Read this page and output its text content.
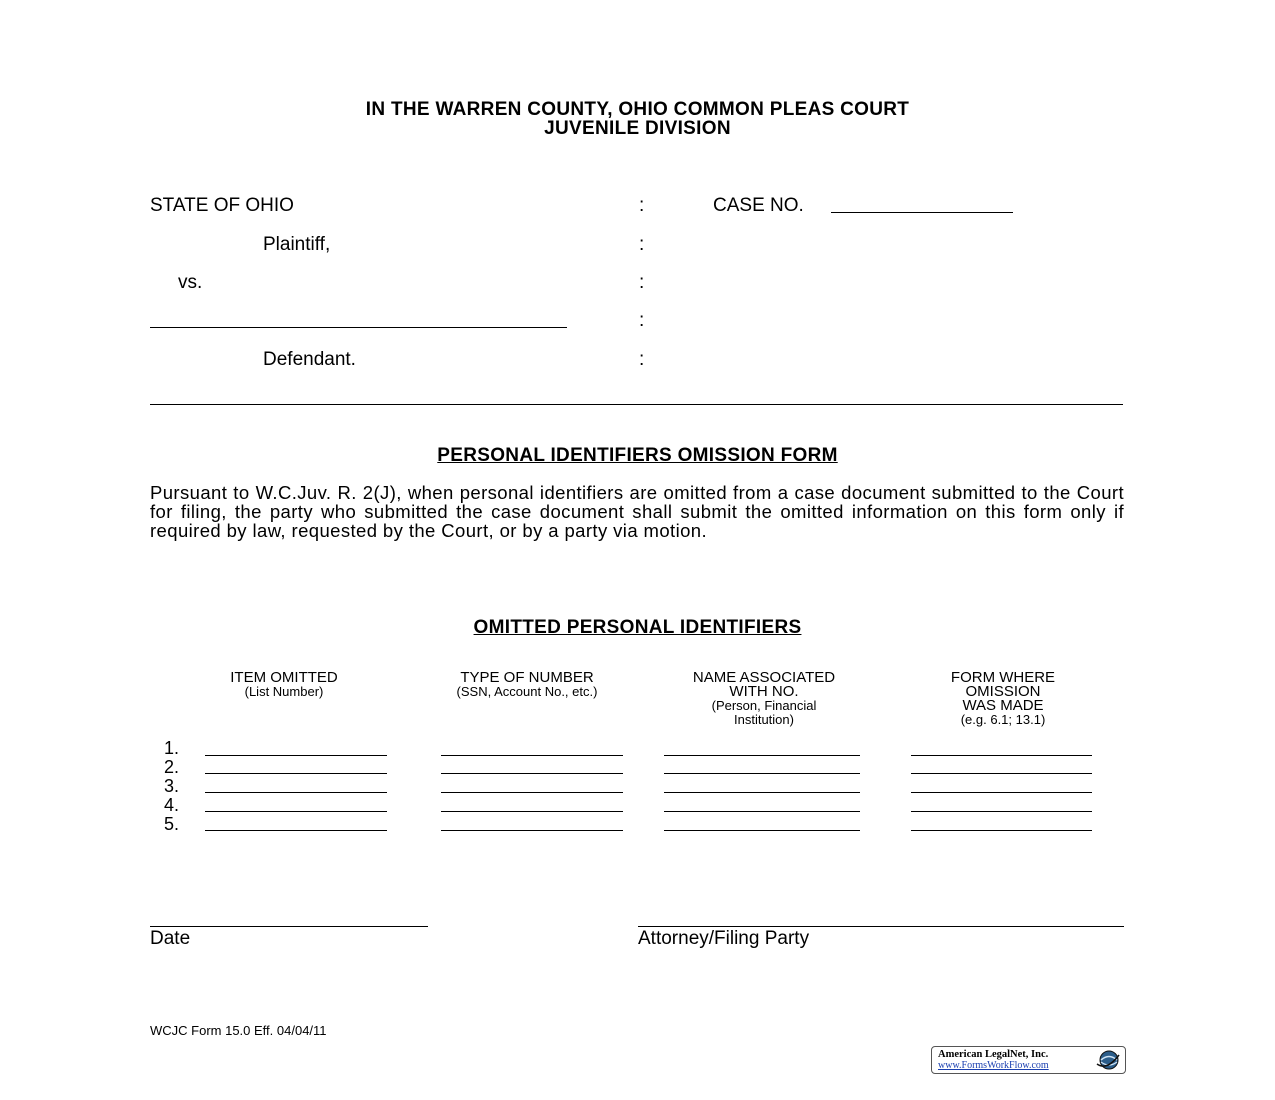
IN THE WARREN COUNTY, OHIO COMMON PLEAS COURT
JUVENILE DIVISION
STATE OF OHIO
Plaintiff,
vs.
Defendant.
:
:
:
:
:
CASE NO.
PERSONAL IDENTIFIERS OMISSION FORM
Pursuant to W.C.Juv. R. 2(J), when personal identifiers are omitted from a case document submitted to the Court for filing, the party who submitted the case document shall submit the omitted information on this form only if required by law, requested by the Court, or by a party via motion.
OMITTED PERSONAL IDENTIFIERS
ITEM OMITTED
(List Number)
TYPE OF NUMBER
(SSN, Account No., etc.)
NAME ASSOCIATED
WITH NO.
(Person, Financial
Institution)
FORM WHERE
OMISSION
WAS MADE
(e.g. 6.1; 13.1)
1.
2.
3.
4.
5.
Date	Attorney/Filing Party
WCJC Form 15.0 Eff. 04/04/11
American LegalNet, Inc.
www.FormsWorkFlow.com
